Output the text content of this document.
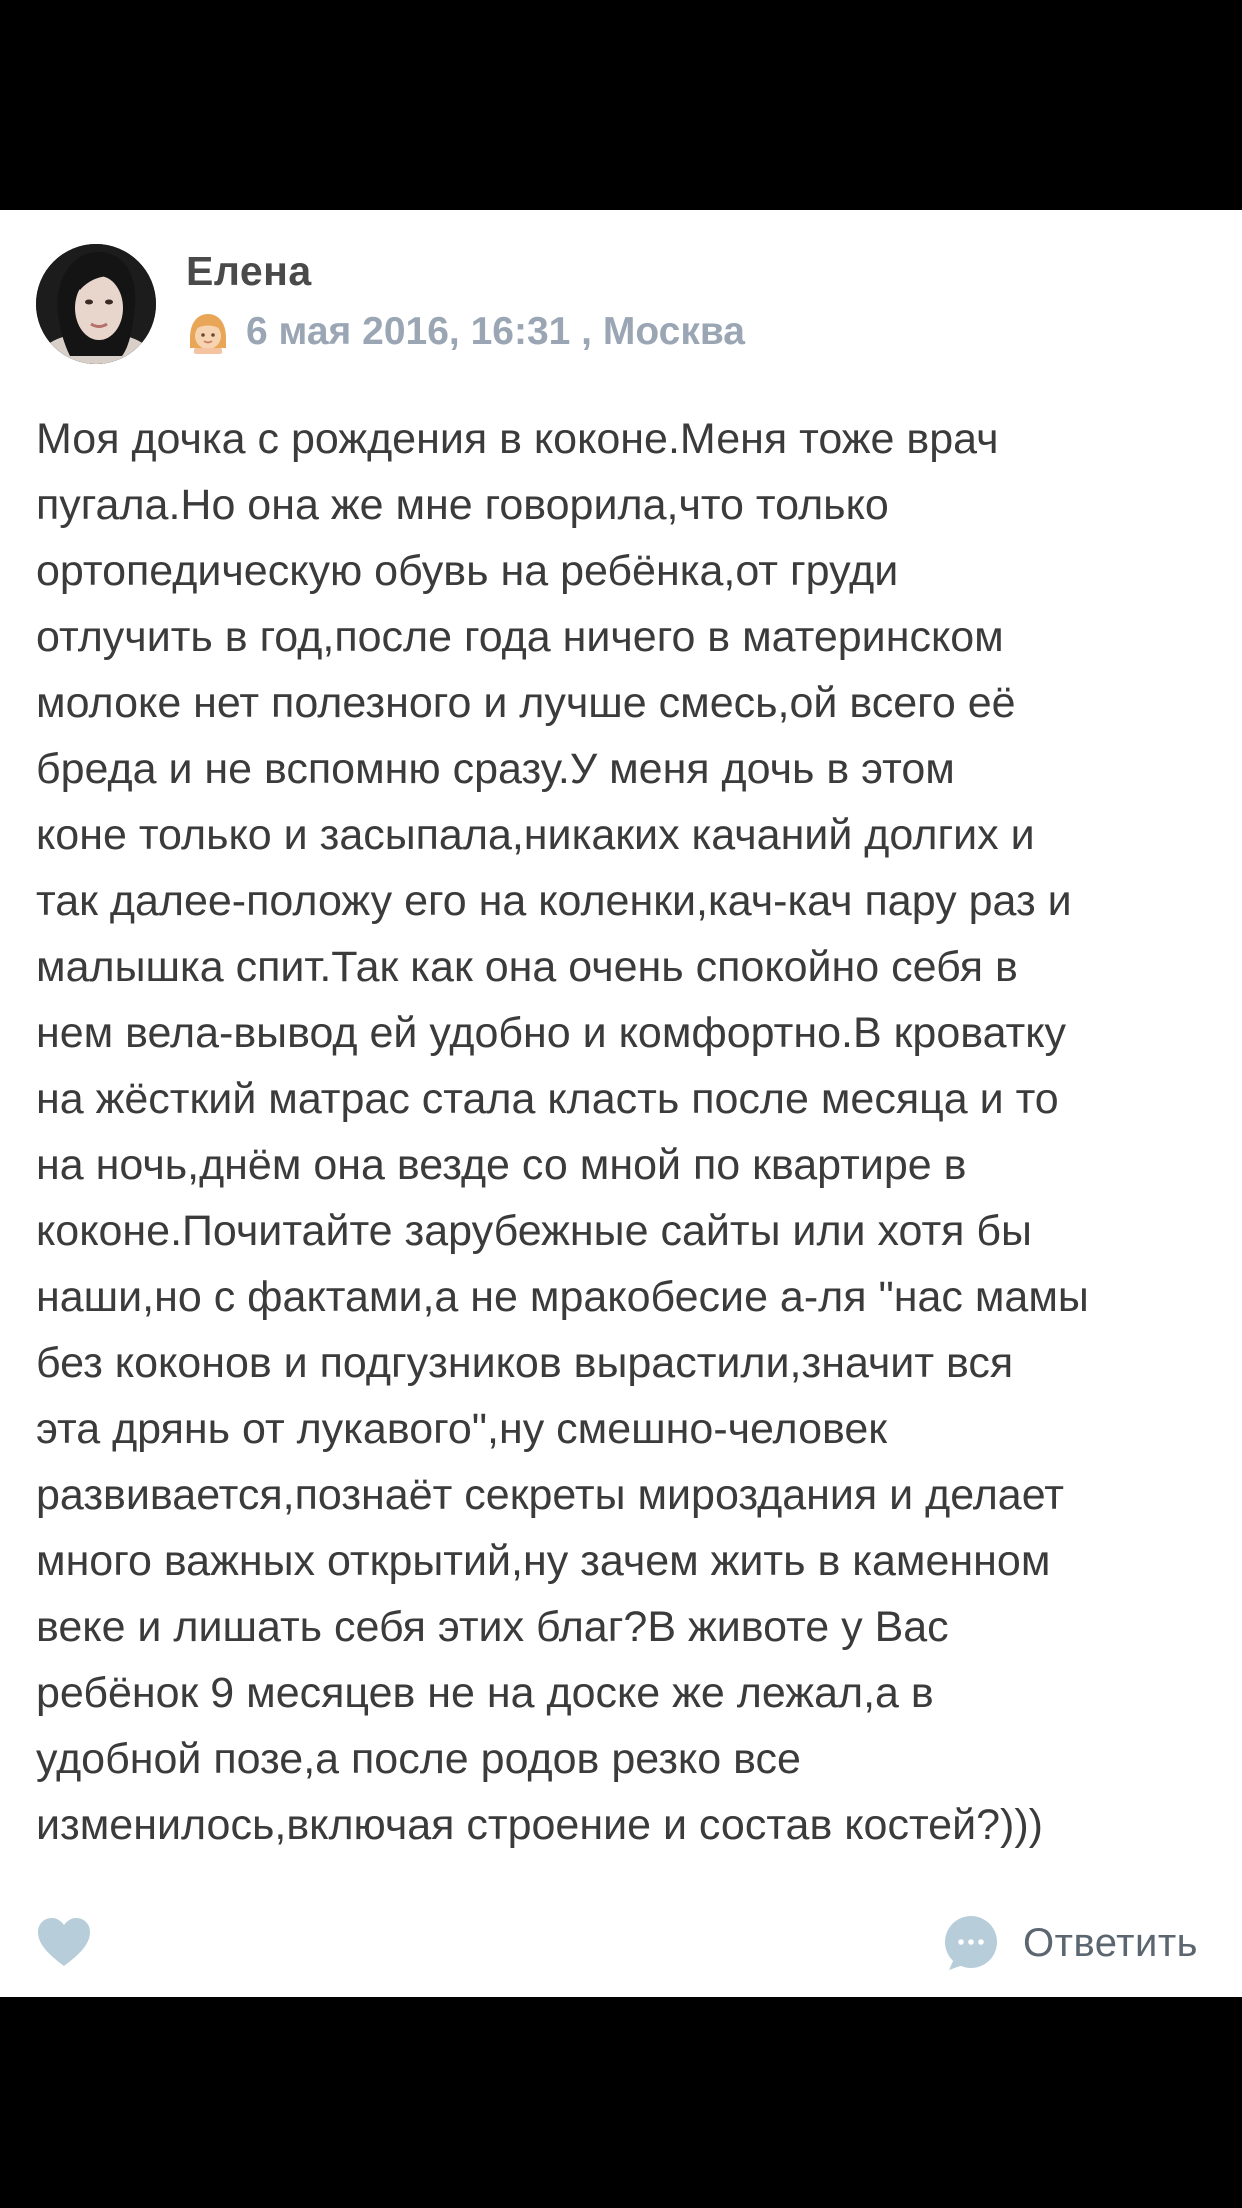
Елена
6 мая 2016, 16:31 , Москва
Моя дочка с рождения в коконе.Меня тоже врач
пугала.Но она же мне говорила,что только
ортопедическую обувь на ребёнка,от груди
отлучить в год,после года ничего в материнском
молоке нет полезного и лучше смесь,ой всего её
бреда и не вспомню сразу.У меня дочь в этом
коне только и засыпала,никаких качаний долгих и
так далее-положу его на коленки,кач-кач пару раз и
малышка спит.Так как она очень спокойно себя в
нем вела-вывод ей удобно и комфортно.В кроватку
на жёсткий матрас стала класть после месяца и то
на ночь,днём она везде со мной по квартире в
коконе.Почитайте зарубежные сайты или хотя бы
наши,но с фактами,а не мракобесие а-ля "нас мамы
без коконов и подгузников вырастили,значит вся
эта дрянь от лукавого",ну смешно-человек
развивается,познаёт секреты мироздания и делает
много важных открытий,ну зачем жить в каменном
веке и лишать себя этих благ?В животе у Вас
ребёнок 9 месяцев не на доске же лежал,а в
удобной позе,а после родов резко все
изменилось,включая строение и состав костей?)))
Ответить
